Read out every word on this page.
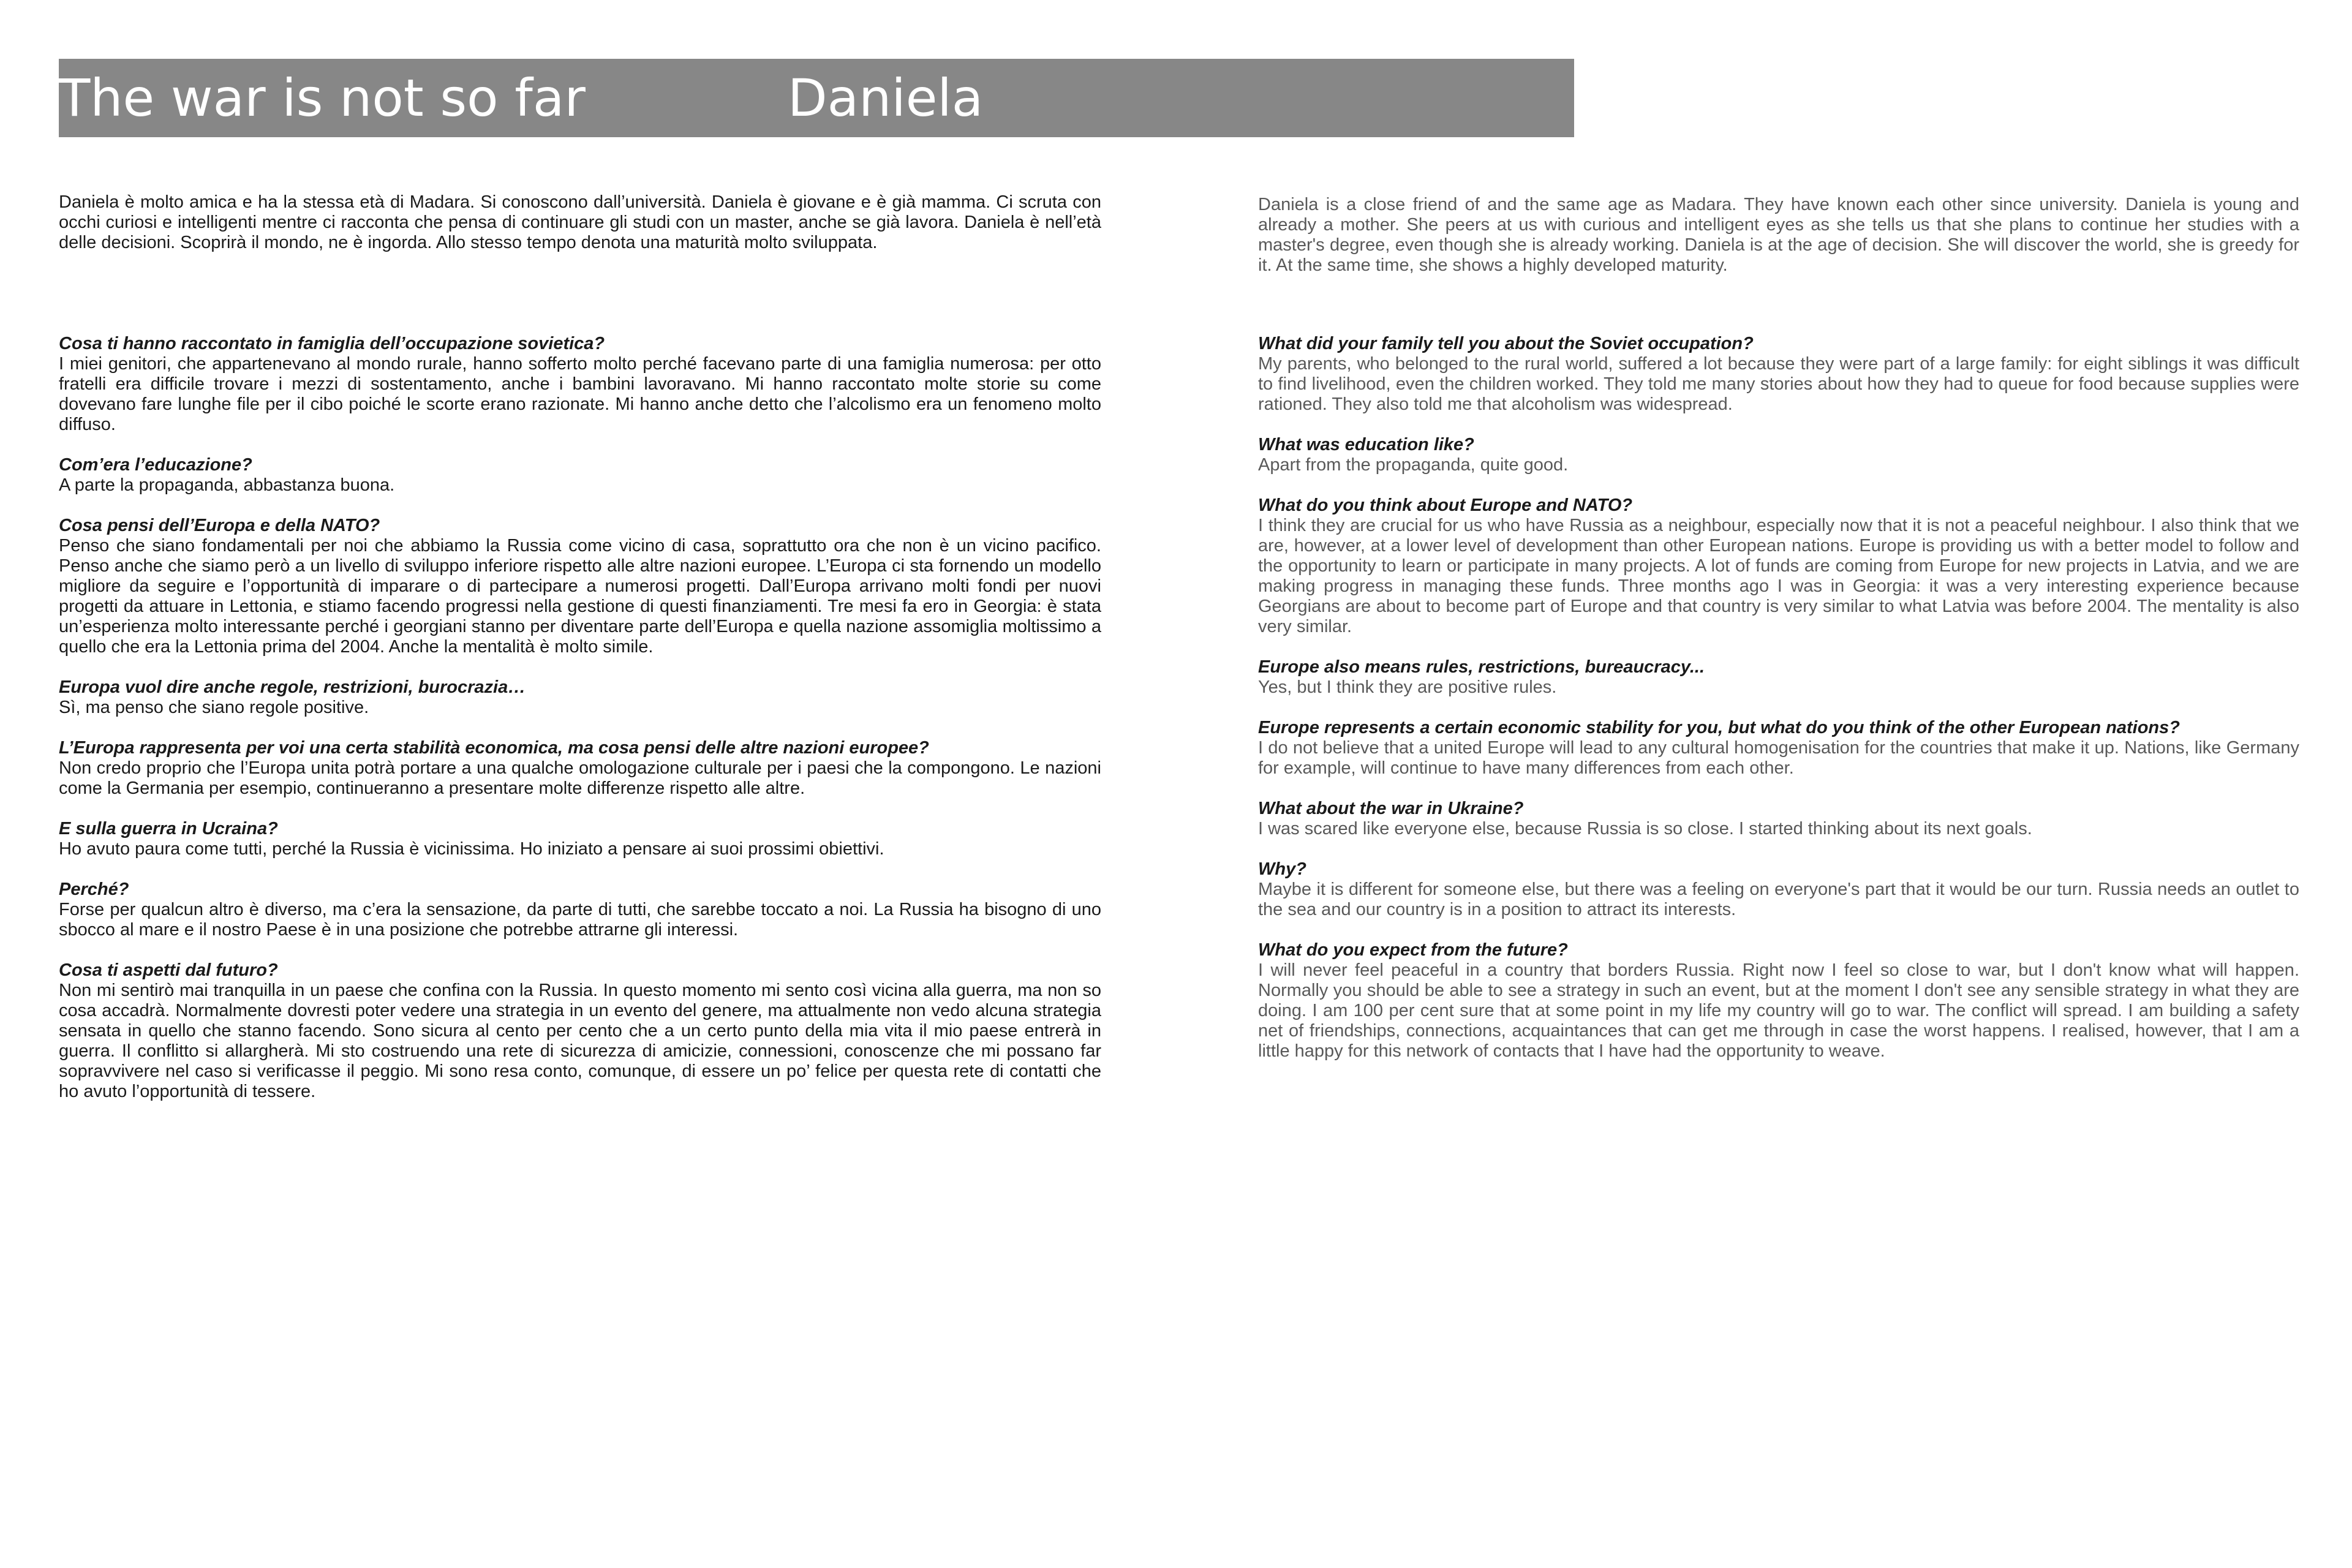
The war is not so far	Daniela

Daniela è molto amica e ha la stessa età di Madara. Si conoscono dall’università. Daniela è giovane e è già mamma. Ci scruta con occhi curiosi e intelligenti mentre ci racconta che pensa di continuare gli studi con un master, anche se già lavora. Daniela è nell’età delle decisioni. Scoprirà il mondo, ne è ingorda. Allo stesso tempo denota una maturità molto sviluppata.

Cosa ti hanno raccontato in famiglia dell’occupazione sovietica?

I miei genitori, che appartenevano al mondo rurale, hanno sofferto molto perché facevano parte di una famiglia numerosa: per otto fratelli era difficile trovare i mezzi di sostentamento, anche i bambini lavoravano. Mi hanno raccontato molte storie su come dovevano fare lunghe file per il cibo poiché le scorte erano razionate. Mi hanno anche detto che l’alcolismo era un fenomeno molto diffuso.

Com’era l’educazione?

A parte la propaganda, abbastanza buona.

Cosa pensi dell’Europa e della NATO?

Penso che siano fondamentali per noi che abbiamo la Russia come vicino di casa, soprattutto ora che non è un vicino pacifico. Penso anche che siamo però a un livello di sviluppo inferiore rispetto alle altre nazioni europee. L’Europa ci sta fornendo un modello migliore da seguire e l’opportunità di imparare o di partecipare a numerosi progetti. Dall’Europa arrivano molti fondi per nuovi progetti da attuare in Lettonia, e stiamo facendo progressi nella gestione di questi finanziamenti. Tre mesi fa ero in Georgia: è stata un’esperienza molto interessante perché i georgiani stanno per diventare parte dell’Europa e quella nazione assomiglia moltissimo a quello che era la Lettonia prima del 2004. Anche la mentalità è molto simile.

Europa vuol dire anche regole, restrizioni, burocrazia…

Sì, ma penso che siano regole positive.

L’Europa rappresenta per voi una certa stabilità economica, ma cosa pensi delle altre nazioni europee?

Non credo proprio che l’Europa unita potrà portare a una qualche omologazione culturale per i paesi che la compongono. Le nazioni come la Germania per esempio, continueranno a presentare molte differenze rispetto alle altre.

E sulla guerra in Ucraina?

Ho avuto paura come tutti, perché la Russia è vicinissima. Ho iniziato a pensare ai suoi prossimi obiettivi.

Perché?

Forse per qualcun altro è diverso, ma c’era la sensazione, da parte di tutti, che sarebbe toccato a noi. La Russia ha bisogno di uno sbocco al mare e il nostro Paese è in una posizione che potrebbe attrarne gli interessi.

Cosa ti aspetti dal futuro?

Non mi sentirò mai tranquilla in un paese che confina con la Russia. In questo momento mi sento così vicina alla guerra, ma non so cosa accadrà. Normalmente dovresti poter vedere una strategia in un evento del genere, ma attualmente non vedo alcuna strategia sensata in quello che stanno facendo. Sono sicura al cento per cento che a un certo punto della mia vita il mio paese entrerà in guerra. Il conflitto si allargherà. Mi sto costruendo una rete di sicurezza di amicizie, connessioni, conoscenze che mi possano far sopravvivere nel caso si verificasse il peggio. Mi sono resa conto, comunque, di essere un po’ felice per questa rete di contatti che ho avuto l’opportunità di tessere.

Daniela is a close friend of and the same age as Madara. They have known each other since university. Daniela is young and already a mother. She peers at us with curious and intelligent eyes as she tells us that she plans to continue her studies with a master's degree, even though she is already working. Daniela is at the age of decision. She will discover the world, she is greedy for it. At the same time, she shows a highly developed maturity.

What did your family tell you about the Soviet occupation?

My parents, who belonged to the rural world, suffered a lot because they were part of a large family: for eight siblings it was difficult to find livelihood, even the children worked. They told me many stories about how they had to queue for food because supplies were rationed. They also told me that alcoholism was widespread.

What was education like?

Apart from the propaganda, quite good.

What do you think about Europe and NATO?

I think they are crucial for us who have Russia as a neighbour, especially now that it is not a peaceful neighbour. I also think that we are, however, at a lower level of development than other European nations. Europe is providing us with a better model to follow and the opportunity to learn or participate in many projects. A lot of funds are coming from Europe for new projects in Latvia, and we are making progress in managing these funds. Three months ago I was in Georgia: it was a very interesting experience because Georgians are about to become part of Europe and that country is very similar to what Latvia was before 2004. The mentality is also very similar.

Europe also means rules, restrictions, bureaucracy...

Yes, but I think they are positive rules.

Europe represents a certain economic stability for you, but what do you think of the other European nations?

I do not believe that a united Europe will lead to any cultural homogenisation for the countries that make it up. Nations, like Germany for example, will continue to have many differences from each other.

What about the war in Ukraine?

I was scared like everyone else, because Russia is so close. I started thinking about its next goals.

Why?

Maybe it is different for someone else, but there was a feeling on everyone's part that it would be our turn. Russia needs an outlet to the sea and our country is in a position to attract its interests.

What do you expect from the future?

I will never feel peaceful in a country that borders Russia. Right now I feel so close to war, but I don't know what will happen. Normally you should be able to see a strategy in such an event, but at the moment I don't see any sensible strategy in what they are doing. I am 100 per cent sure that at some point in my life my country will go to war. The conflict will spread. I am building a safety net of friendships, connections, acquaintances that can get me through in case the worst happens. I realised, however, that I am a little happy for this network of contacts that I have had the opportunity to weave.
